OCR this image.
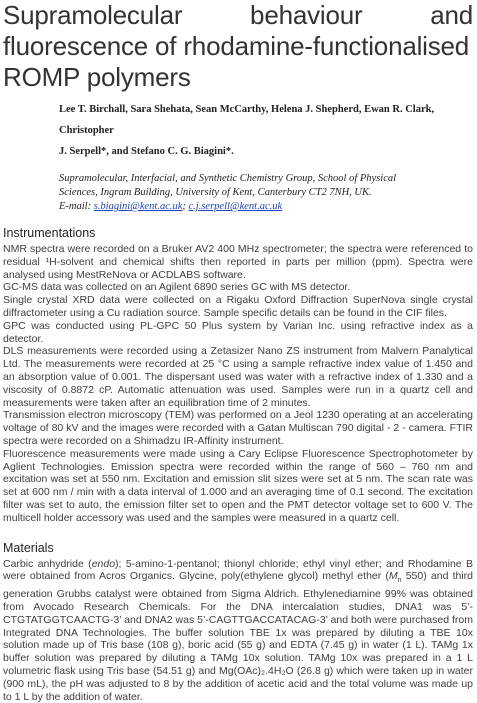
Supramolecular behaviour and
fluorescence of rhodamine-functionalised
ROMP polymers
Lee T. Birchall, Sara Shehata, Sean McCarthy, Helena J. Shepherd, Ewan R. Clark, Christopher
J. Serpell*, and Stefano C. G. Biagini*.
Supramolecular, Interfacial, and Synthetic Chemistry Group, School of Physical
Sciences, Ingram Building, University of Kent, Canterbury CT2 7NH, UK.
E-mail: s.biagini@kent.ac.uk; c.j.serpell@kent.ac.uk
Instrumentations

NMR spectra were recorded on a Bruker AV2 400 MHz spectrometer; the spectra were referenced to residual ¹H-solvent and chemical shifts then reported in parts per million (ppm). Spectra were analysed using MestReNova or ACDLABS software.

GC-MS data was collected on an Agilent 6890 series GC with MS detector.

Single crystal XRD data were collected on a Rigaku Oxford Diffraction SuperNova single crystal diffractometer using a Cu radiation source. Sample specific details can be found in the CIF files.

GPC was conducted using PL-GPC 50 Plus system by Varian Inc. using refractive index as a detector.

DLS measurements were recorded using a Zetasizer Nano ZS instrument from Malvern Panalytical Ltd. The measurements were recorded at 25 °C using a sample refractive index value of 1.450 and an absorption value of 0.001. The dispersant used was water with a refractive index of 1.330 and a viscosity of 0.8872 cP. Automatic attenuation was used. Samples were run in a quartz cell and measurements were taken after an equilibration time of 2 minutes.

Transmission electron microscopy (TEM) was performed on a Jeol 1230 operating at an accelerating voltage of 80 kV and the images were recorded with a Gatan Multiscan 790 digital - 2 - camera. FTIR spectra were recorded on a Shimadzu IR-Affinity instrument.

Fluorescence measurements were made using a Cary Eclipse Fluorescence Spectrophotometer by Aglient Technologies. Emission spectra were recorded within the range of 560 – 760 nm and excitation was set at 550 nm. Excitation and emission slit sizes were set at 5 nm. The scan rate was set at 600 nm / min with a data interval of 1.000 and an averaging time of 0.1 second. The excitation filter was set to auto, the emission filter set to open and the PMT detector voltage set to 600 V. The multicell holder accessory was used and the samples were measured in a quartz cell.

Materials

Carbic anhydride (endo); 5-amino-1-pentanol; thionyl chloride; ethyl vinyl ether; and Rhodamine B were obtained from Acros Organics. Glycine, poly(ethylene glycol) methyl ether ($M_n$ 550) and third generation Grubbs catalyst were obtained from Sigma Aldrich. Ethylenediamine 99% was obtained from Avocado Research Chemicals. For the DNA intercalation studies, DNA1 was 5’-CTGTATGGTCAACTG-3’ and DNA2 was 5’-CAGTTGACCATACAG-3’ and both were purchased from Integrated DNA Technologies. The buffer solution TBE 1x was prepared by diluting a TBE 10x solution made up of Tris base (108 g), boric acid (55 g) and EDTA (7.45 g) in water (1 L). TAMg 1x buffer solution was prepared by diluting a TAMg 10x solution. TAMg 10x was prepared in a 1 L volumetric flask using Tris base (54.51 g) and Mg(OAc)₂.4H₂O (26.8 g) which were taken up in water (900 mL), the pH was adjusted to 8 by the addition of acetic acid and the total volume was made up to 1 L by the addition of water.
